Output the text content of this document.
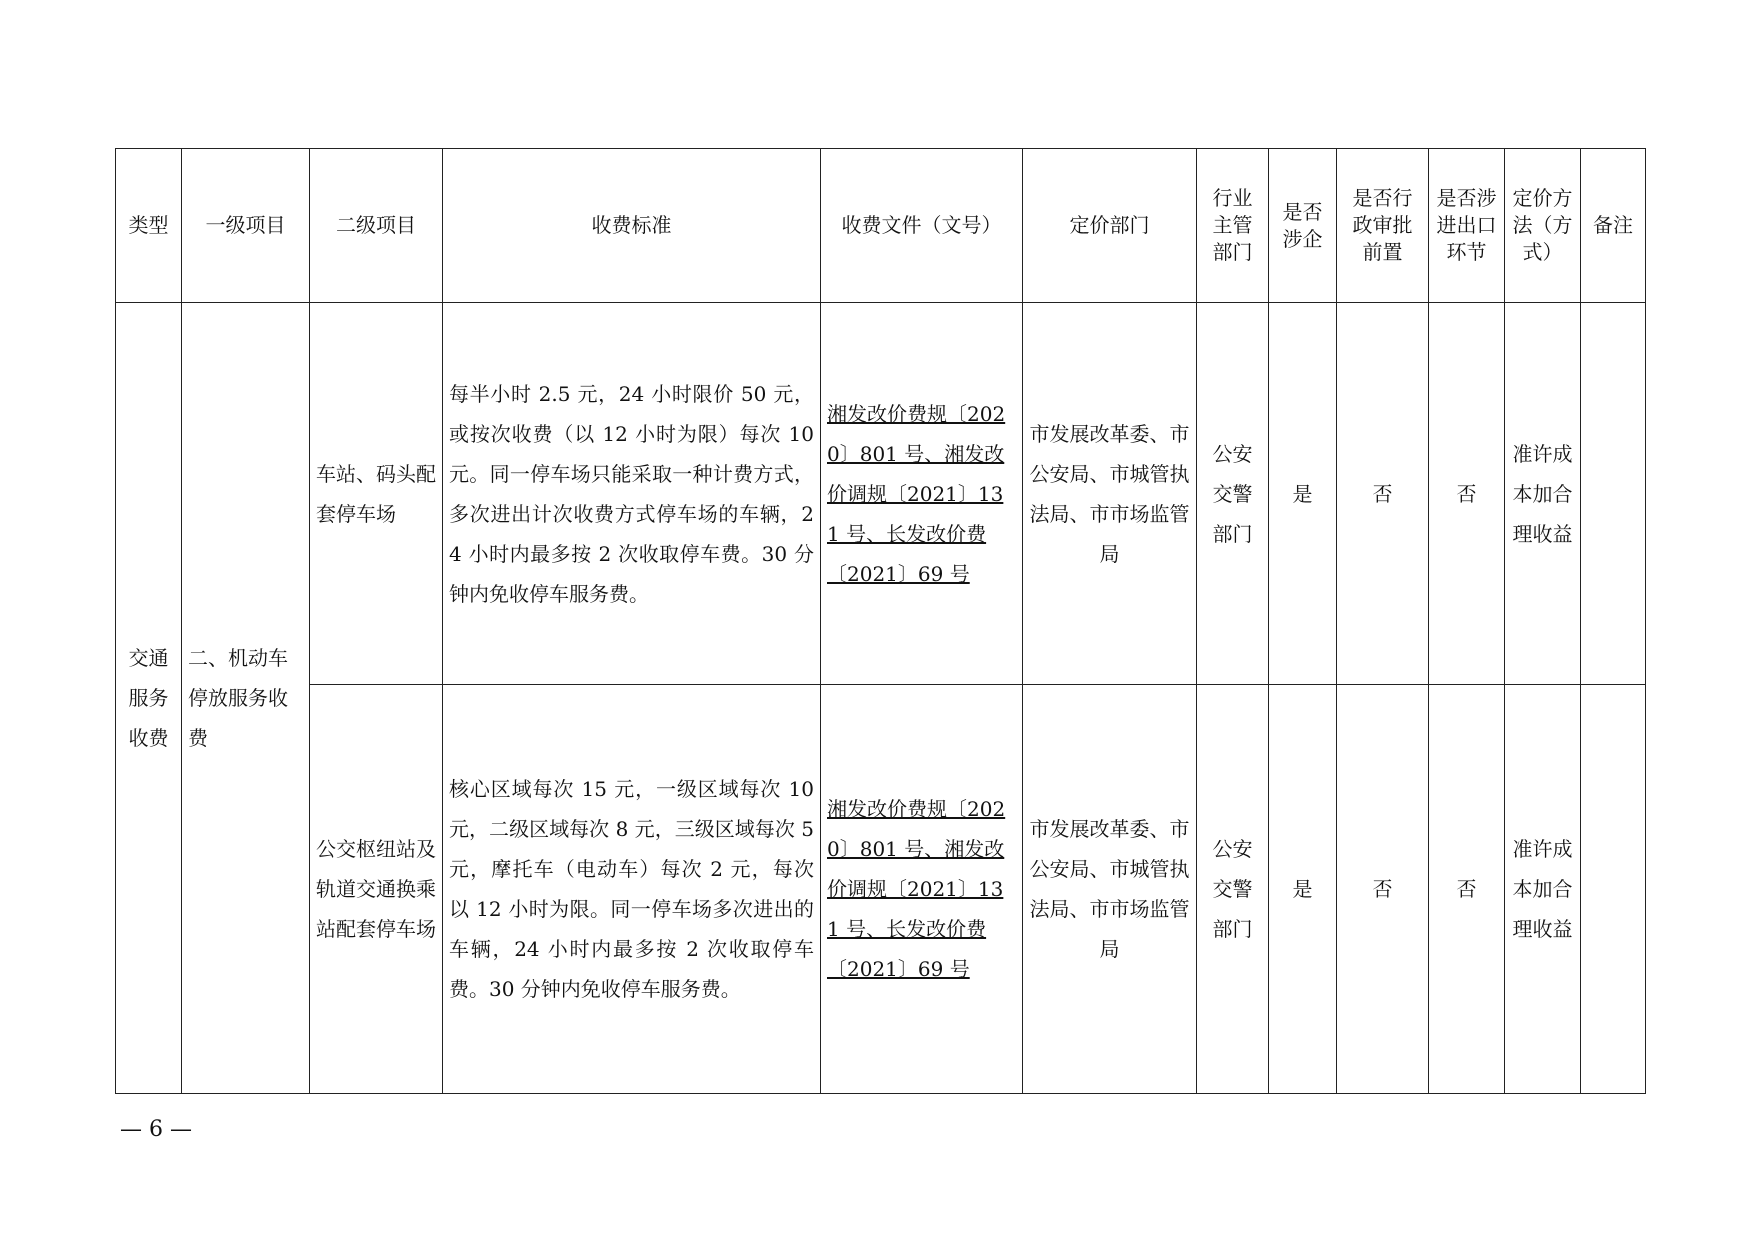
类型	一级项目	二级项目	收费标准	收费文件（文号）	定价部门	行业主管部门	是否涉企	是否行政审批前置	是否涉进出口环节	定价方法（方式）	备注

交通服务收费	二、机动车停放服务收费	车站、码头配套停车场	每半小时 2.5 元，24 小时限价 50 元，或按次收费（以 12 小时为限）每次 10 元。同一停车场只能采取一种计费方式，多次进出计次收费方式停车场的车辆，24 小时内最多按 2 次收取停车费。30 分钟内免收停车服务费。	湘发改价费规〔2020〕801 号、湘发改价调规〔2021〕131 号、长发改价费〔2021〕69 号	市发展改革委、市公安局、市城管执法局、市市场监管局	公安交警部门	是	否	否	准许成本加合理收益	

		公交枢纽站及轨道交通换乘站配套停车场	核心区域每次 15 元，一级区域每次 10 元，二级区域每次 8 元，三级区域每次 5 元，摩托车（电动车）每次 2 元，每次以 12 小时为限。同一停车场多次进出的车辆，24 小时内最多按 2 次收取停车费。30 分钟内免收停车服务费。	湘发改价费规〔2020〕801 号、湘发改价调规〔2021〕131 号、长发改价费〔2021〕69 号	市发展改革委、市公安局、市城管执法局、市市场监管局	公安交警部门	是	否	否	准许成本加合理收益	

— 6 —
